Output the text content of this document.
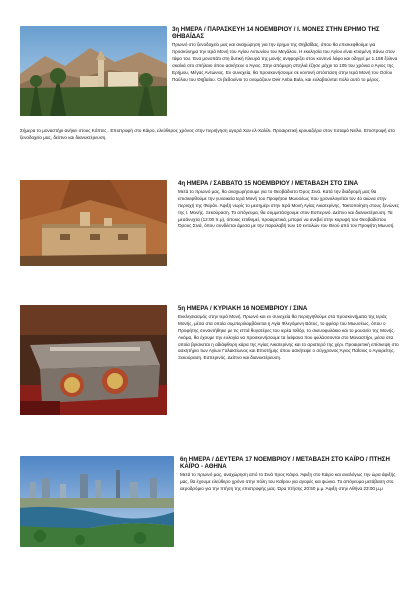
3η ΗΜΕΡΑ / ΠΑΡΑΣΚΕΥΗ 14 ΝΟΕΜΒΡΙΟΥ / Ι. ΜΟΝΕΣ ΣΤΗΝ ΕΡΗΜΟ ΤΗΣ ΘΗΒΑΪΔΑΣ

Πρωινό στο ξενοδοχείο μας και αναχώρηση για την έρημο της Θηβαΐδας, όπου θα επισκεφθούμε για προσκύνημα την Ιερά Μονή του Αγίου Αντωνίου του Μεγάλου. Η εκκλησία του Αγίου είναι κτισμένη πάνω στον τάφο του. Ένα μονοπάτι στη δυτική πλευρά της μονής ανηφορίζει στον κοντινό λόφο και οδηγεί με 1.158 ξύλινα σκαλιά στο σπήλαιο όπου ασκήτευε ο Άγιος. Στην απόμερη σπηλιά έζησε μέχρι τα 105 του χρόνια ο Άγιος της Ερήμου, Μέγας Αντώνιος. Εν συνεχεία, θα προσκυνήσουμε σε κοντινή απόσταση στην Ιερά Μονή του Οσίου Παύλου του Θηβαίου. Οι βεδουίνοι το ονομάζουν Deir Anba Bula, και ευλαβούνται πολύ αυτό το μέρος.

Σήμερα το μοναστήρι ανήκει στους Κόπτες.. Επιστροφή στο Κάιρο, ελεύθερος χρόνος στην περιήγηση αγορά Χαν ελ-Χαλίλι. Προαιρετική κρουαζιέρα στον ποταμό Νείλο. Επιστροφή στο ξενοδοχείο μας, δείπνο και διανυκτέρευση.

4η ΗΜΕΡΑ / ΣΑΒΒΑΤΟ 15 ΝΟΕΜΒΡΙΟΥ / ΜΕΤΑΒΑΣΗ ΣΤΟ ΣΙΝΑ

Μετά το πρωινό μας, θα αναχωρήσουμε για το Θεοβάδιστο Όρος Σινά. Κατά την διαδρομή μας θα επισκεφθούμε την γυναικεία Ιερά Μονή του Προφήτου Μωυσέως που χρονολογείται τον 4ο αιώνα στην περιοχή της Φαράν. Άφιξη νωρίς το μεσημέρι στην Ιερά Μονή Αγίας Αικατερίνης. Τακτοποίηση στους ξενώνες της Ι. Μονής. Ξεκούραση. Το απόγευμα, θα συμμετάσχουμε στον Εσπερινό. Δείπνο και διανυκτέρευση. Τα μεσάνυχτα (12:00 π.μ), όποιος επιθυμεί, προαιρετικά, μπορεί να ανεβεί στην κορυφή του Θεοβαδίστου Όρους Σινά, όπου συνδέεται άμεσα με την παραλαβή των 10 εντολών του Θεού από τον Προφήτη Μωυσή.

5η ΗΜΕΡΑ / ΚΥΡΙΑΚΗ 16 ΝΟΕΜΒΡΙΟΥ / ΣΙΝΑ

Εκκλησιασμός στην Ιερά Μονή. Πρωινό και εν συνεχεία θα περιηγηθούμε στα προσκυνήματα της Ιεράς Μονής, μέσα στα οποία συμπεριλαμβάνεται η Αγία Φλεγόμενη Βάτος, το φρέαρ του Μωυσέως, όπου ο Προφήτης συναντήθηκε με τις επτά θυγατέρες του ιερέα Ιοθόρ, το σκευοφυλάκιο και το μουσείο της Μονής. Ακόμα, θα έχουμε την ευλογία να προσκυνήσουμε τα λείψανα που φυλάσσονται στο Μοναστήρι, μέσα στα οποία βρίσκεται η αδιάφθορη κάρα της Αγίας Αικατερίνης και το αριστερό της χέρι. Προαιρετική επίσκεψη στο ασκητήριο των Αγίων Γαλακτίωνος και Επιστήμης όπου ασκήτεψε ο σύγχρονος Άγιος Παΐσιος ο Αγιορείτης. Ξεκούραση. Εσπερινός. Δείπνο και διανυκτέρευση.

6η ΗΜΕΡΑ / ΔΕΥΤΕΡΑ 17 ΝΟΕΜΒΡΙΟΥ / ΜΕΤΑΒΑΣΗ ΣΤΟ ΚΑΪΡΟ / ΠΤΗΣΗ ΚΑΪΡΟ - ΑΘΗΝΑ

Μετά το πρωινό μας, αναχώρηση από το Σινά προς Κάιρο. Άφιξη στο Κάιρο και αναλόγως την ώρα άφιξής μας, θα έχουμε ελεύθερο χρόνο στην πόλη του Καΐρου για αγορές και ψώνια. Το απόγευμα μετάβαση στο αεροδρόμιο για την πτήση της επιστροφής μας. Ώρα πτήσης 20:50 μ.μ. Άφιξη στην Αθήνα 23:00 μ.μ
